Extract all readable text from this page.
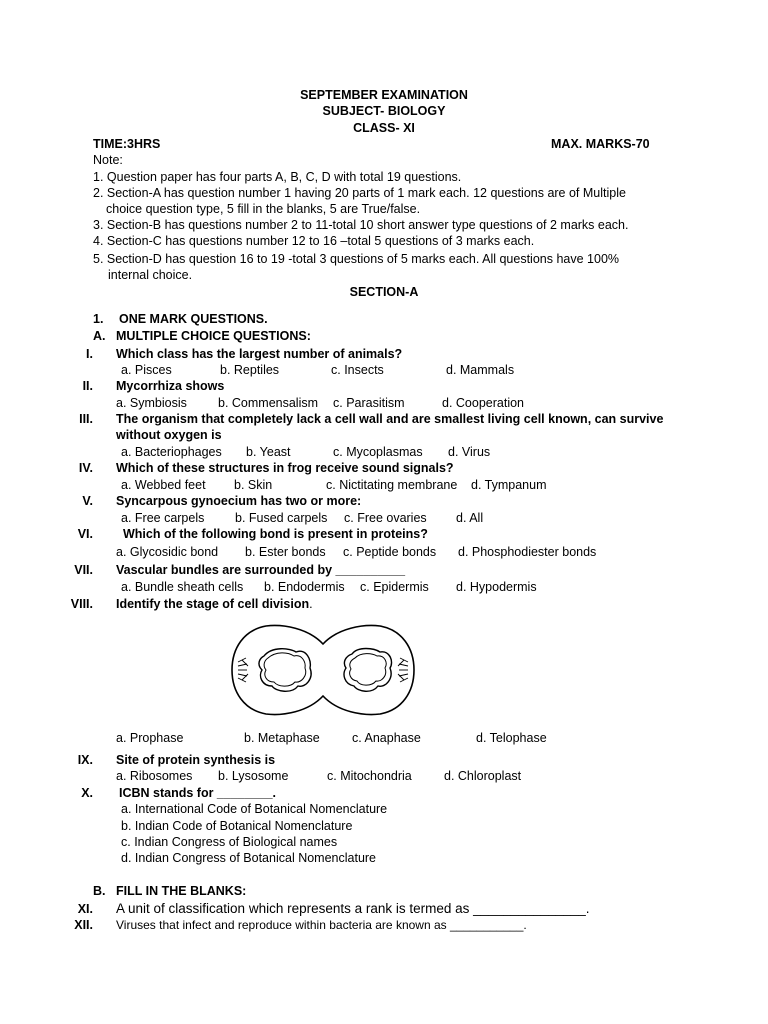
SEPTEMBER EXAMINATION
SUBJECT- BIOLOGY
CLASS- XI
TIME:3HRS	MAX. MARKS-70
Note:
1. Question paper has four parts A, B, C, D with total 19 questions.
2. Section-A has question number 1 having 20 parts of 1 mark each. 12 questions are of Multiple
choice question type, 5 fill in the blanks, 5 are True/false.
3. Section-B has questions number 2 to 11-total 10 short answer type questions of 2 marks each.
4. Section-C has questions number 12 to 16 –total 5 questions of 3 marks each.
5. Section-D has question 16 to 19 -total 3 questions of 5 marks each. All questions have 100%
internal choice.
SECTION-A
1. ONE MARK QUESTIONS.
A. MULTIPLE CHOICE QUESTIONS:
I. Which class has the largest number of animals?
a. Pisces	b. Reptiles	c. Insects	d. Mammals
II. Mycorrhiza shows
a. Symbiosis b. Commensalism c. Parasitism	d. Cooperation
III. The organism that completely lack a cell wall and are smallest living cell known, can survive
without oxygen is
a. Bacteriophages b. Yeast	c. Mycoplasmas d. Virus
IV. Which of these structures in frog receive sound signals?
a. Webbed feet b. Skin	c. Nictitating membrane d. Tympanum
V. Syncarpous gynoecium has two or more:
a. Free carpels b. Fused carpels c. Free ovaries d. All
VI. Which of the following bond is present in proteins?
a. Glycosidic bond b. Ester bonds c. Peptide bonds d. Phosphodiester bonds
VII. Vascular bundles are surrounded by __________
a. Bundle sheath cells b. Endodermis c. Epidermis d. Hypodermis
VIII. Identify the stage of cell division.
a. Prophase	b. Metaphase	c. Anaphase	d. Telophase
IX. Site of protein synthesis is
a. Ribosomes b. Lysosome	c. Mitochondria	d. Chloroplast
X. ICBN stands for ________.
a. International Code of Botanical Nomenclature
b. Indian Code of Botanical Nomenclature
c. Indian Congress of Biological names
d. Indian Congress of Botanical Nomenclature
B. FILL IN THE BLANKS:
XI. A unit of classification which represents a rank is termed as _______________.
XII. Viruses that infect and reproduce within bacteria are known as ___________.
